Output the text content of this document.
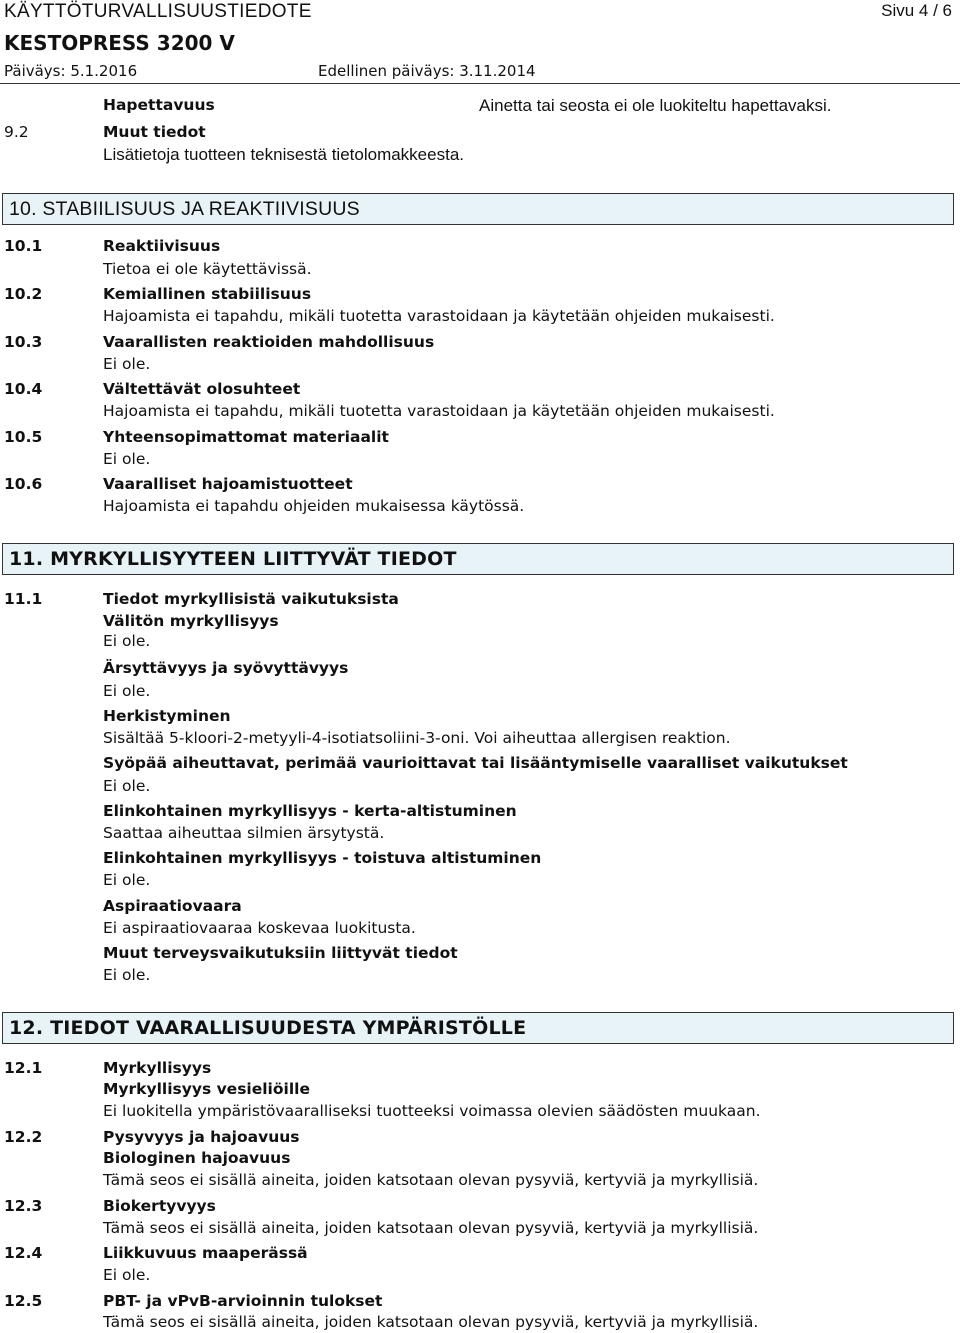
KÄYTTÖTURVALLISUUSTIEDOTE
KESTOPRESS 3200 V
Päiväys: 5.1.2016	Edellinen päiväys: 3.11.2014
Sivu 4 / 6
Hapettavuus	Ainetta tai seosta ei ole luokiteltu hapettavaksi.
9.2	Muut tiedot
Lisätietoja tuotteen teknisestä tietolomakkeesta.
10. STABIILISUUS JA REAKTIIVISUUS
10.1	Reaktiivisuus
Tietoa ei ole käytettävissä.
10.2	Kemiallinen stabiilisuus
Hajoamista ei tapahdu, mikäli tuotetta varastoidaan ja käytetään ohjeiden mukaisesti.
10.3	Vaarallisten reaktioiden mahdollisuus
Ei ole.
10.4	Vältettävät olosuhteet
Hajoamista ei tapahdu, mikäli tuotetta varastoidaan ja käytetään ohjeiden mukaisesti.
10.5	Yhteensopimattomat materiaalit
Ei ole.
10.6	Vaaralliset hajoamistuotteet
Hajoamista ei tapahdu ohjeiden mukaisessa käytössä.
11. MYRKYLLISYYTEEN LIITTYVÄT TIEDOT
11.1	Tiedot myrkyllisistä vaikutuksista
Välitön myrkyllisyys
Ei ole.
Ärsyttävyys ja syövyttävyys
Ei ole.
Herkistyminen
Sisältää 5-kloori-2-metyyli-4-isotiatsoliini-3-oni. Voi aiheuttaa allergisen reaktion.
Syöpää aiheuttavat, perimää vaurioittavat tai lisääntymiselle vaaralliset vaikutukset
Ei ole.
Elinkohtainen myrkyllisyys - kerta-altistuminen
Saattaa aiheuttaa silmien ärsytystä.
Elinkohtainen myrkyllisyys - toistuva altistuminen
Ei ole.
Aspiraatiovaara
Ei aspiraatiovaaraa koskevaa luokitusta.
Muut terveysvaikutuksiin liittyvät tiedot
Ei ole.
12. TIEDOT VAARALLISUUDESTA YMPÄRISTÖLLE
12.1	Myrkyllisyys
Myrkyllisyys vesieliöille
Ei luokitella ympäristövaaralliseksi tuotteeksi voimassa olevien säädösten muukaan.
12.2	Pysyvyys ja hajoavuus
Biologinen hajoavuus
Tämä seos ei sisällä aineita, joiden katsotaan olevan pysyviä, kertyviä ja myrkyllisiä.
12.3	Biokertyvyys
Tämä seos ei sisällä aineita, joiden katsotaan olevan pysyviä, kertyviä ja myrkyllisiä.
12.4	Liikkuvuus maaperässä
Ei ole.
12.5	PBT- ja vPvB-arvioinnin tulokset
Tämä seos ei sisällä aineita, joiden katsotaan olevan pysyviä, kertyviä ja myrkyllisiä.
